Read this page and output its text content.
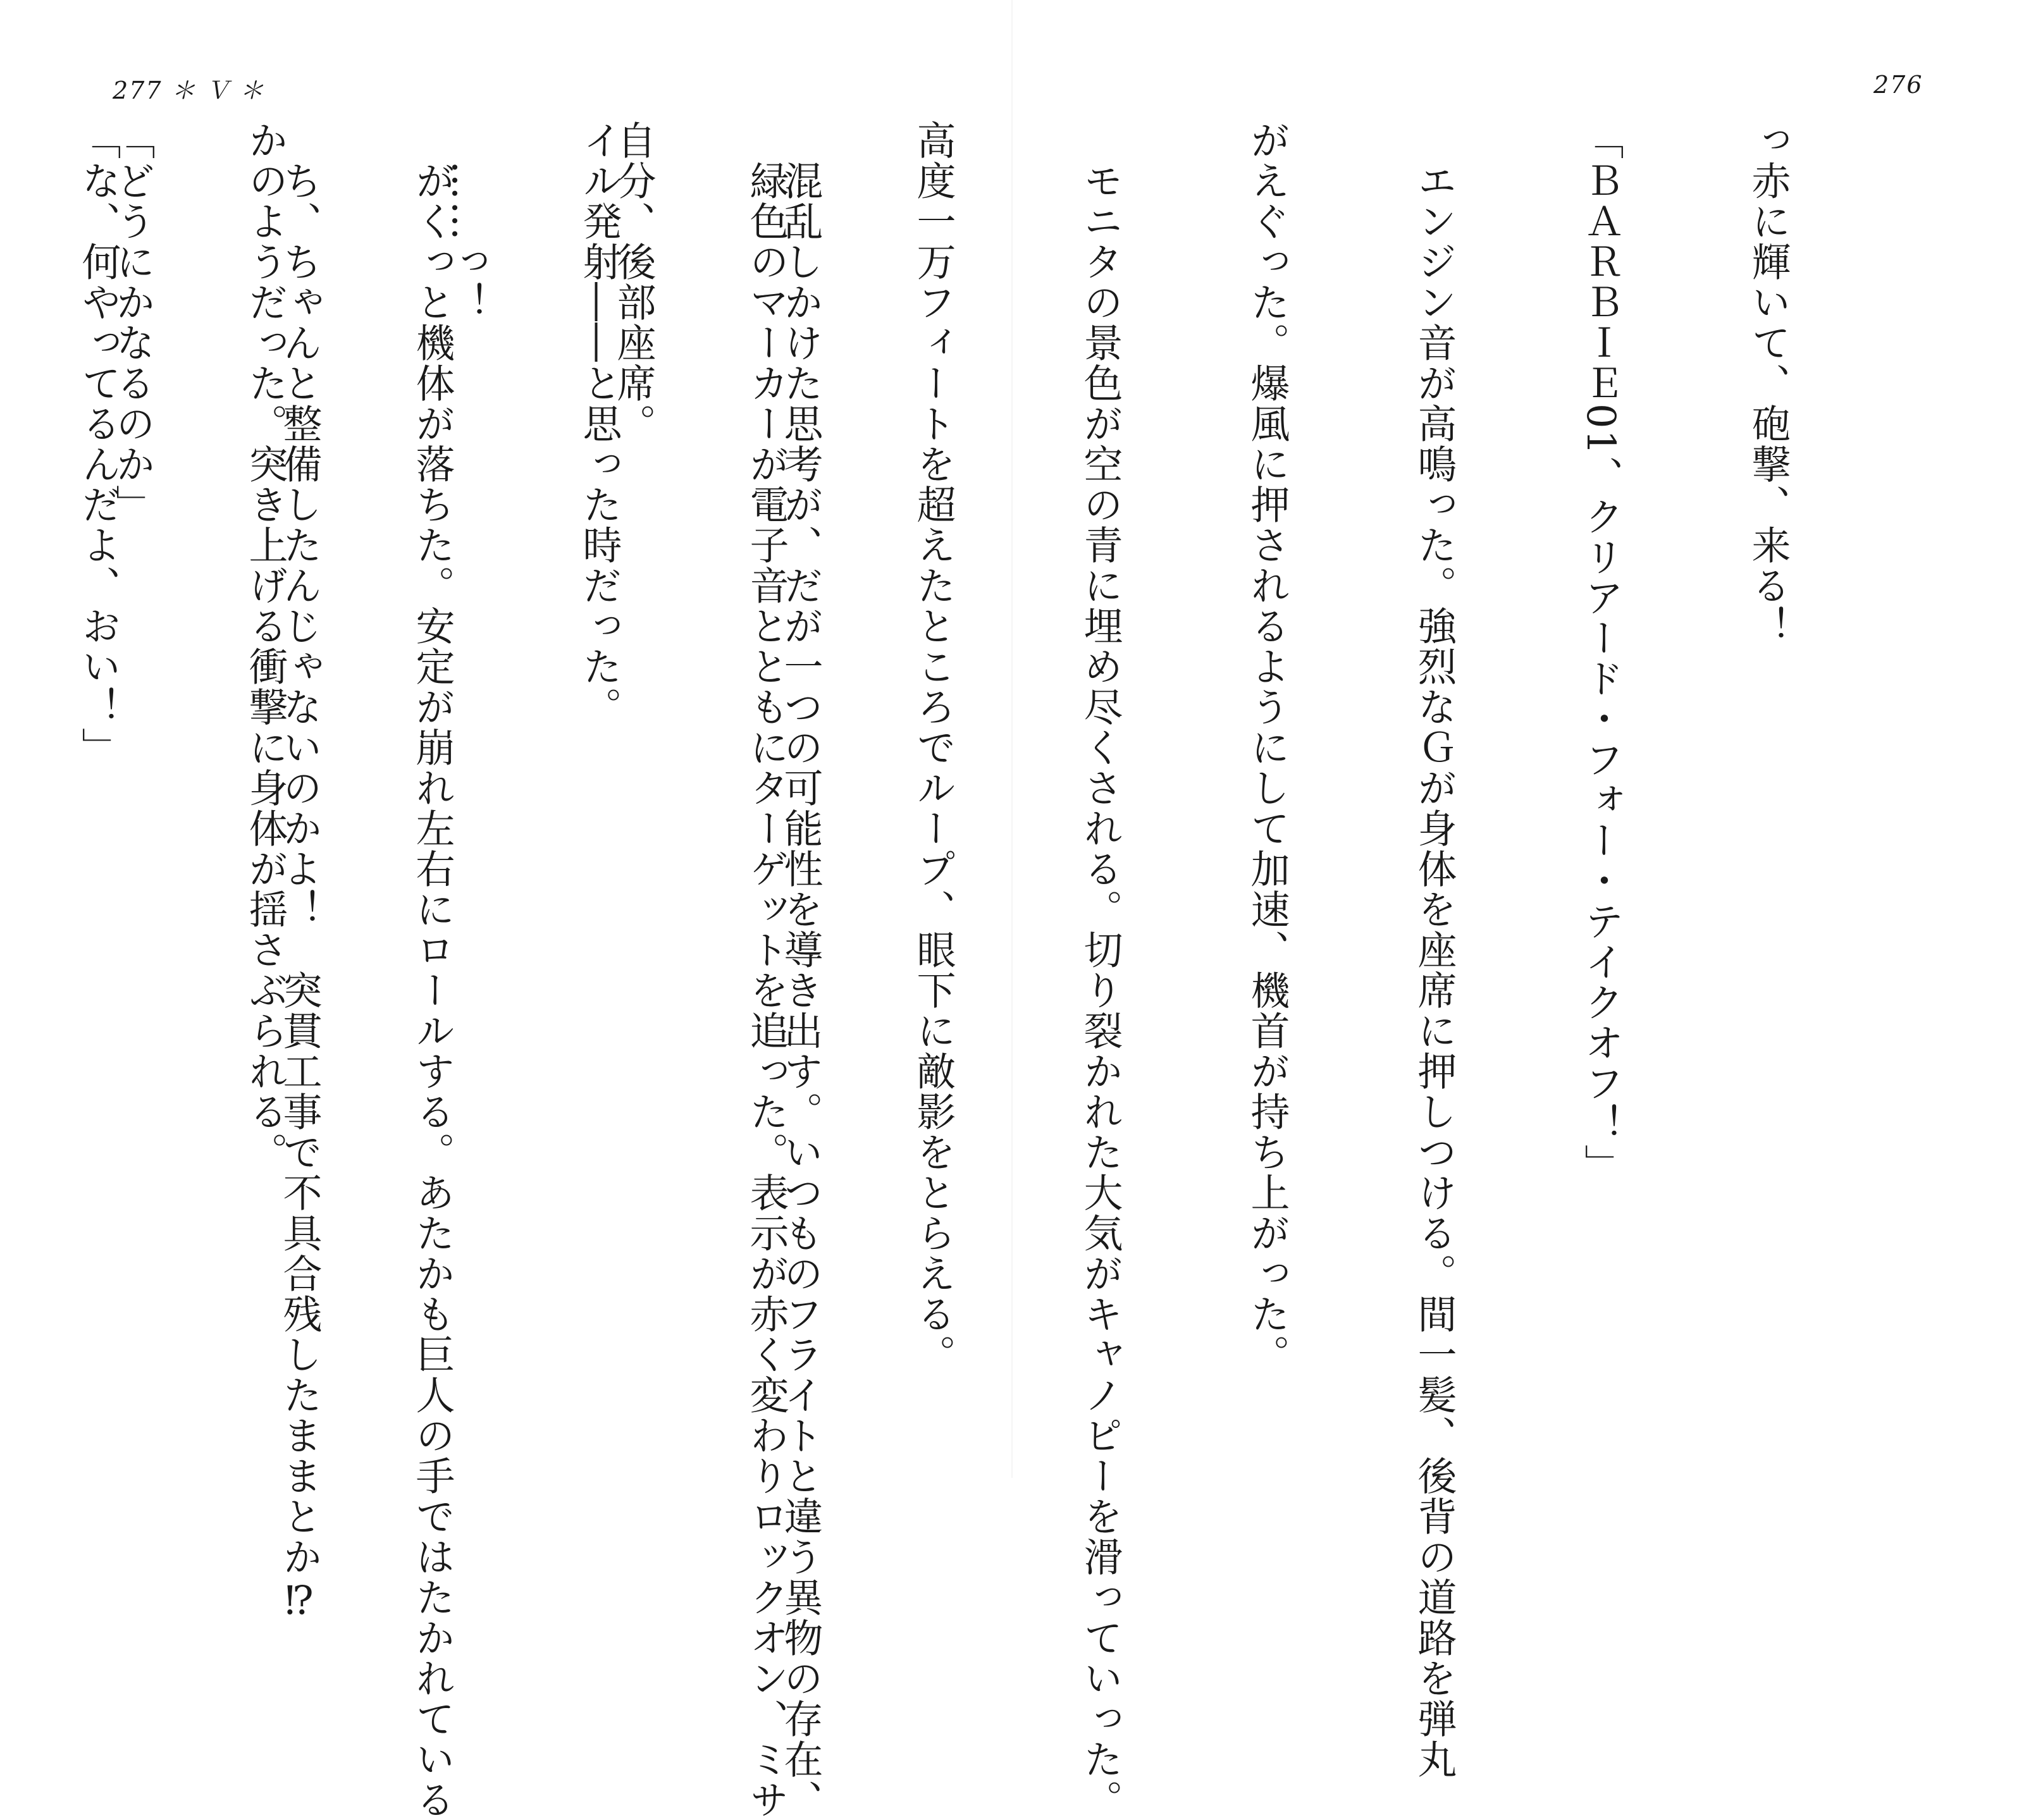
277 ＊ Ｖ ＊	276

っ赤に輝いて、砲撃、来る！

「ＢＡＲＢＩＥ01、クリアード・フォー・テイクオフ！」

　エンジン音が高鳴った。強烈なＧが身体を座席に押しつける。間一髪、後背の道路を弾丸

がえぐった。爆風に押されるようにして加速、機首が持ち上がった。

　モニタの景色が空の青に埋め尽くされる。切り裂かれた大気がキャノピーを滑っていった。

高度一万フィートを超えたところでループ、眼下に敵影をとらえる。

　緑色のマーカーが電子音とともにターゲットを追った。表示が赤く変わりロックオン、ミサ

イル発射――と思った時だった。

　がくっと機体が落ちた。安定が崩れ左右にロールする。あたかも巨人の手ではたかれている

かのようだった。突き上げる衝撃に身体が揺さぶられる。

「な、何やってるんだよ、おい！」

	　混乱しかけた思考が、だが一つの可能性を導き出す。いつものフライトと違う異物の存在、

自分、後部座席。

　……っ！

　ち、ちゃんと整備したんじゃないのかよ！　突貫工事で不具合残したままとか⁉

「どうにかなるのか」
